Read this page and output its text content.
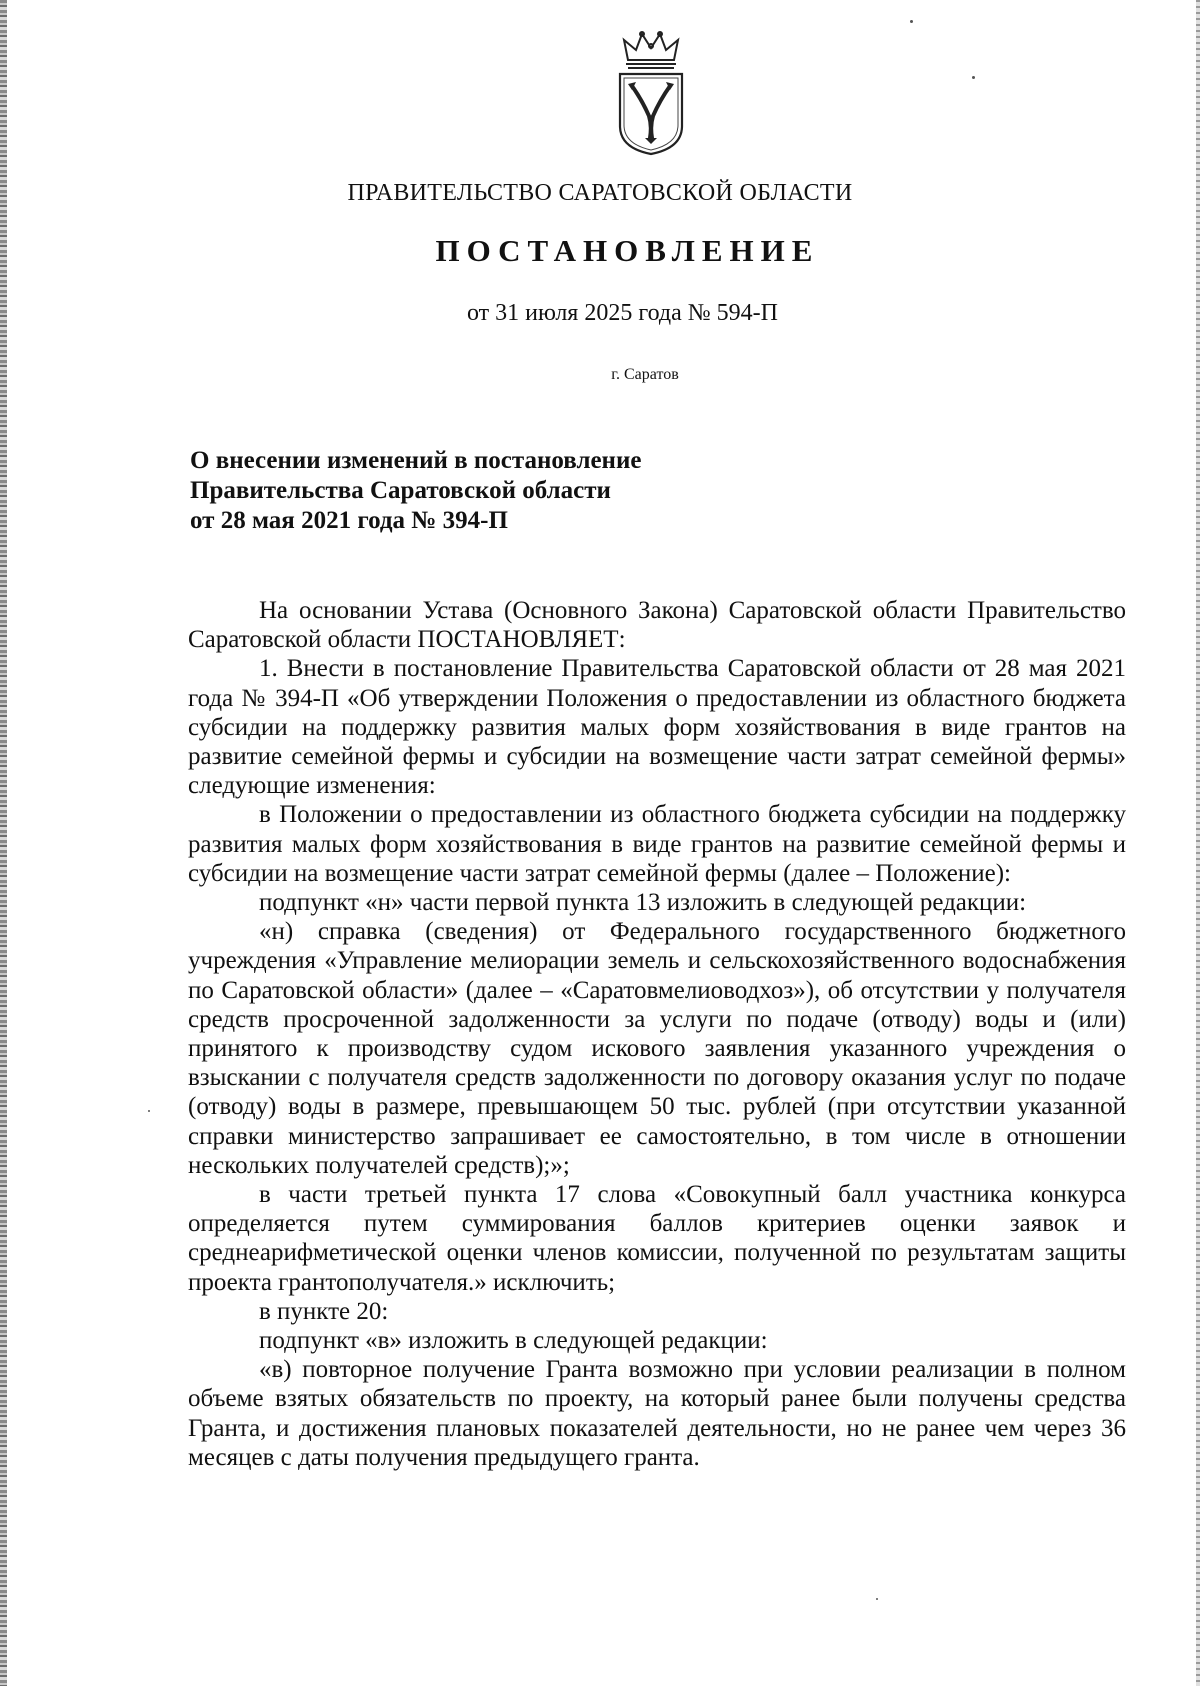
ПРАВИТЕЛЬСТВО САРАТОВСКОЙ ОБЛАСТИ
ПОСТАНОВЛЕНИЕ
от 31 июля 2025 года № 594-П
г. Саратов
О внесении изменений в постановление
Правительства Саратовской области
от 28 мая 2021 года № 394-П

На основании Устава (Основного Закона) Саратовской области Правительство Саратовской области ПОСТАНОВЛЯЕТ:

1. Внести в постановление Правительства Саратовской области от 28 мая 2021 года № 394-П «Об утверждении Положения о предоставлении из областного бюджета субсидии на поддержку развития малых форм хозяйствования в виде грантов на развитие семейной фермы и субсидии на возмещение части затрат семейной фермы» следующие изменения:

в Положении о предоставлении из областного бюджета субсидии на поддержку развития малых форм хозяйствования в виде грантов на развитие семейной фермы и субсидии на возмещение части затрат семейной фермы (далее – Положение):

подпункт «н» части первой пункта 13 изложить в следующей редакции:

«н) справка (сведения) от Федерального государственного бюджетного учреждения «Управление мелиорации земель и сельскохозяйственного водоснабжения по Саратовской области» (далее – «Саратовмелиоводхоз»), об отсутствии у получателя средств просроченной задолженности за услуги по подаче (отводу) воды и (или) принятого к производству судом искового заявления указанного учреждения о взыскании с получателя средств задолженности по договору оказания услуг по подаче (отводу) воды в размере, превышающем 50 тыс. рублей (при отсутствии указанной справки министерство запрашивает ее самостоятельно, в том числе в отношении нескольких получателей средств);»;

в части третьей пункта 17 слова «Совокупный балл участника конкурса определяется путем суммирования баллов критериев оценки заявок и среднеарифметической оценки членов комиссии, полученной по результатам защиты проекта грантополучателя.» исключить;

в пункте 20:

подпункт «в» изложить в следующей редакции:

«в) повторное получение Гранта возможно при условии реализации в полном объеме взятых обязательств по проекту, на который ранее были получены средства Гранта, и достижения плановых показателей деятельности, но не ранее чем через 36 месяцев с даты получения предыдущего гранта.
